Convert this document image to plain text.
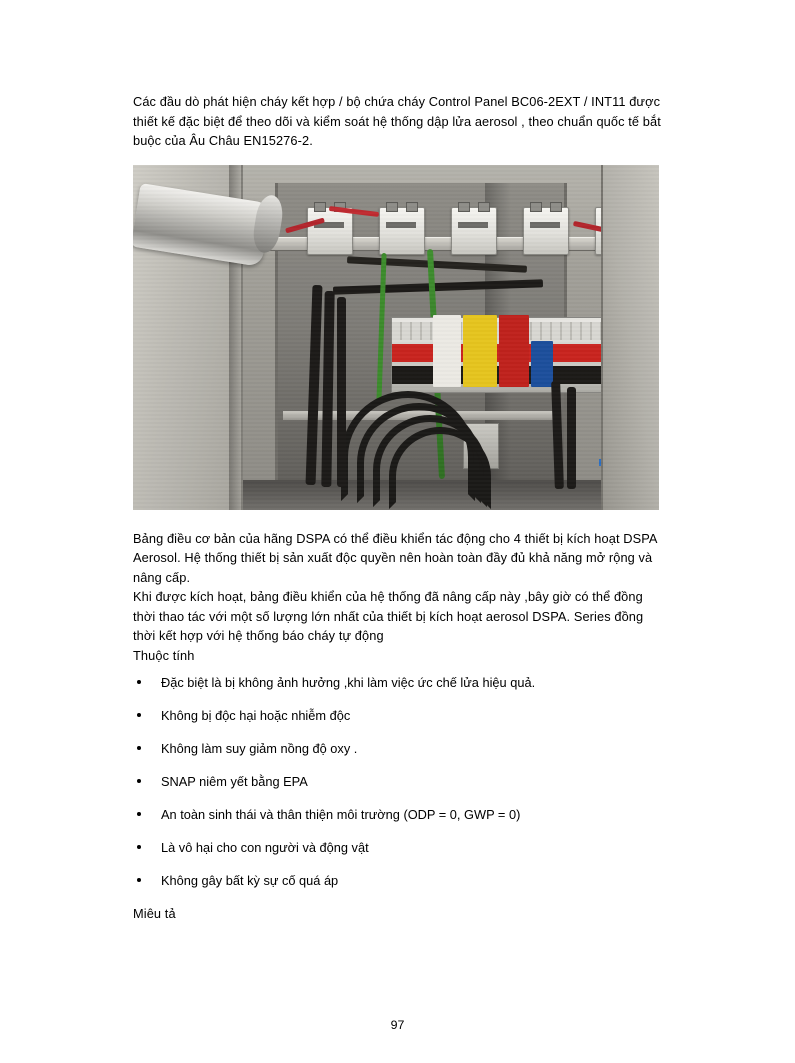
Các đầu dò phát hiện cháy kết hợp / bộ chứa cháy Control Panel BC06-2EXT / INT11 được thiết kế đặc biệt để theo dõi và kiểm soát hệ thống dập lửa aerosol , theo chuẩn quốc tế bắt buộc của Âu Châu EN15276-2.

Bảng điều cơ bản của hãng DSPA có thể điều khiển tác động cho 4 thiết bị kích hoạt DSPA Aerosol. Hệ thống thiết bị sản xuất độc quyền nên hoàn toàn đầy đủ khả năng mở rộng và nâng cấp.

Khi được kích hoạt, bảng điều khiển của hệ thống đã nâng cấp này ,bây giờ có thể đồng thời thao tác với một số lượng lớn nhất của thiết bị kích hoạt aerosol DSPA. Series đồng thời kết hợp với hệ thống báo cháy tự động

Thuộc tính

Đặc biệt là bị không ảnh hưởng ,khi làm việc ức chế lửa hiệu quả.
Không bị độc hại hoặc nhiễm độc
Không làm suy giảm nồng độ oxy .
SNAP niêm yết bằng EPA
An toàn sinh thái và thân thiện môi trường (ODP = 0, GWP = 0)
Là vô hại cho con người và động vật
Không gây bất kỳ sự cố quá áp

Miêu tả

97
